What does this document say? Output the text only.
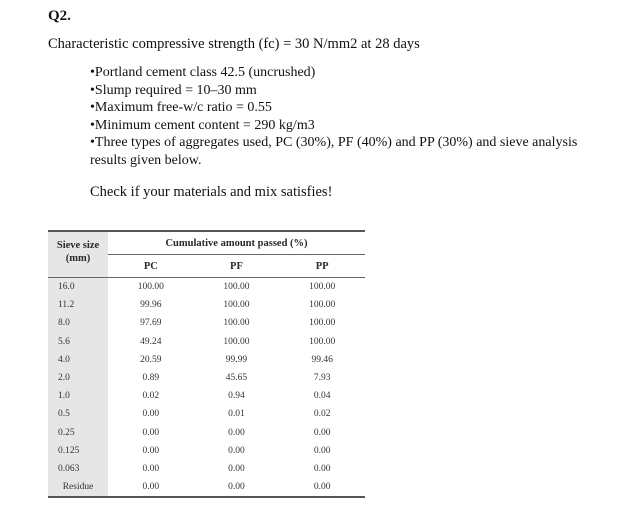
Q2.
Characteristic compressive strength (fc) = 30 N/mm2 at 28 days
•Portland cement class 42.5 (uncrushed)
•Slump required = 10–30 mm
•Maximum free-w/c ratio = 0.55
•Minimum cement content = 290 kg/m3
•Three types of aggregates used, PC (30%), PF (40%) and PP (30%) and sieve analysis results given below.
Check if your materials and mix satisfies!
Sieve size
(mm)	Cumulative amount passed (%)		
	PC	PF	PP
16.0	100.00	100.00	100.00
11.2	99.96	100.00	100.00
8.0	97.69	100.00	100.00
5.6	49.24	100.00	100.00
4.0	20.59	99.99	99.46
2.0	0.89	45.65	7.93
1.0	0.02	0.94	0.04
0.5	0.00	0.01	0.02
0.25	0.00	0.00	0.00
0.125	0.00	0.00	0.00
0.063	0.00	0.00	0.00
Residue	0.00	0.00	0.00
